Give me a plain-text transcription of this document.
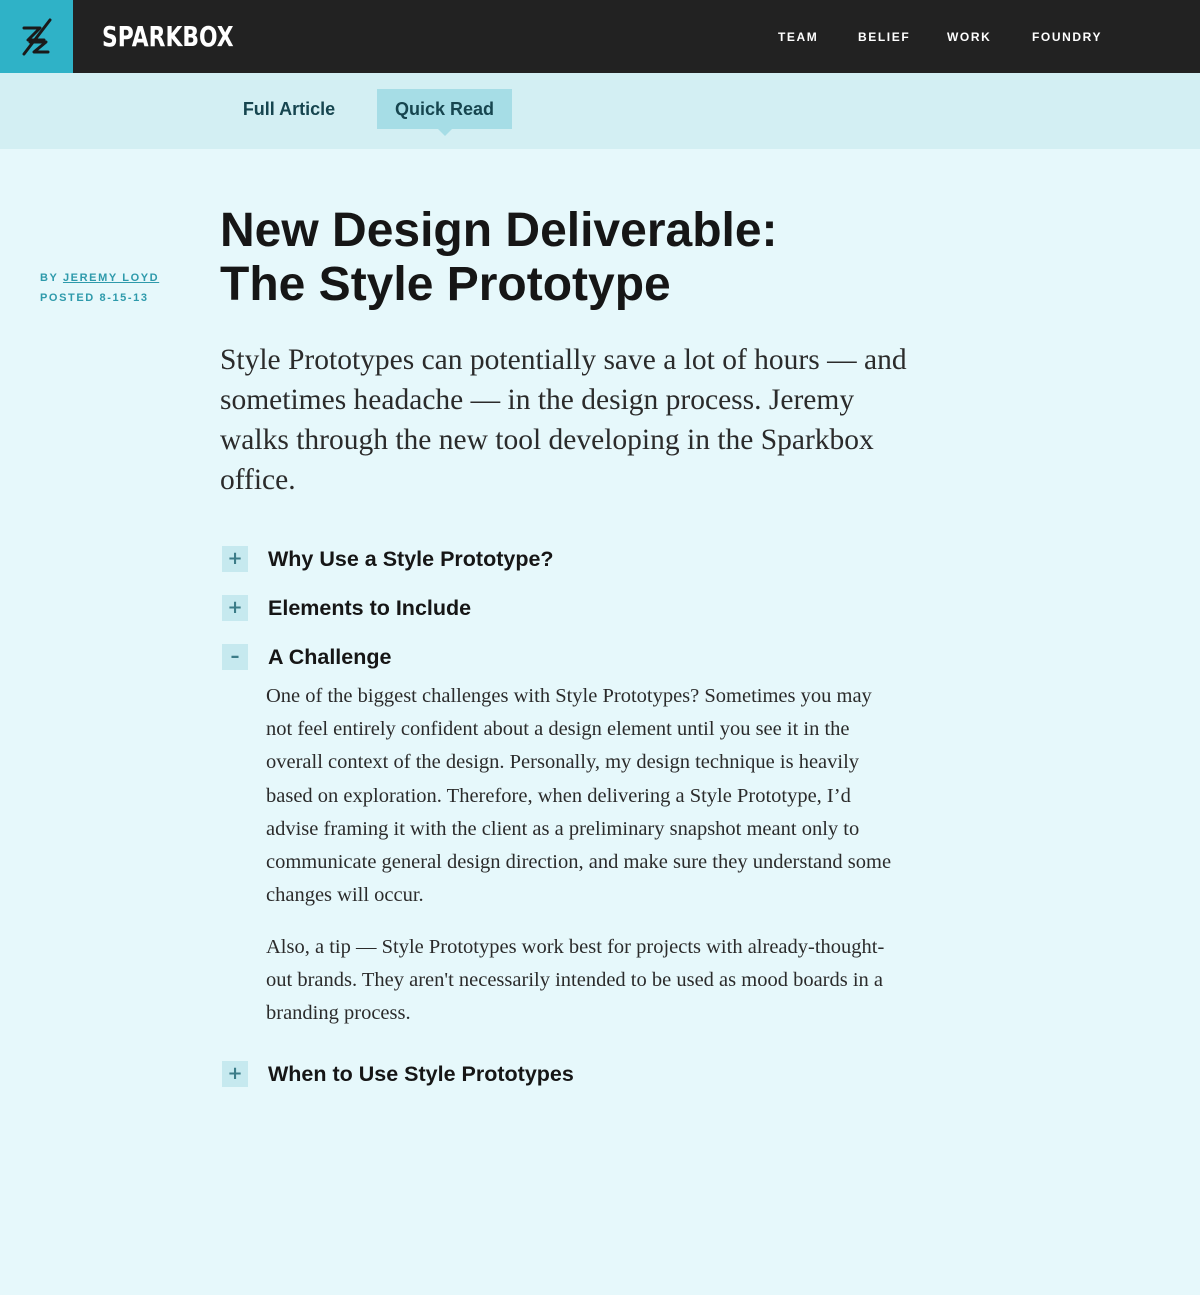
SPARKBOX	TEAM	BELIEF	WORK	FOUNDRY
Full Article	Quick Read
BY JEREMY LOYD
POSTED 8-15-13
New Design Deliverable:
The Style Prototype

Style Prototypes can potentially save a lot of hours — and sometimes headache — in the design process. Jeremy walks through the new tool developing in the Sparkbox office.

+ Why Use a Style Prototype?
+ Elements to Include
–	A Challenge

One of the biggest challenges with Style Prototypes? Sometimes you may not feel entirely confident about a design element until you see it in the overall context of the design. Personally, my design technique is heavily based on exploration. Therefore, when delivering a Style Prototype, I’d advise framing it with the client as a preliminary snapshot meant only to communicate general design direction, and make sure they understand some changes will occur.

Also, a tip — Style Prototypes work best for projects with already-thought-out brands. They aren't necessarily intended to be used as mood boards in a branding process.

+ When to Use Style Prototypes
